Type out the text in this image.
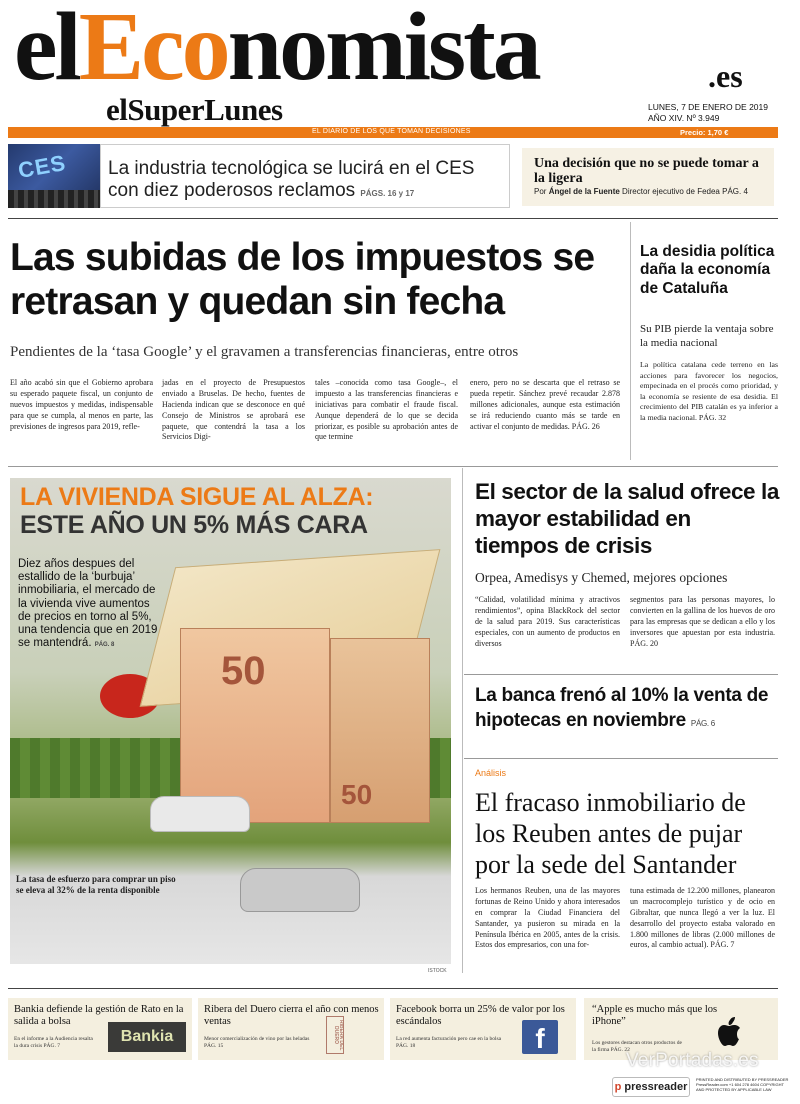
elEconomista	.es
elSuperLunes	LUNES, 7 DE ENERO DE 2019
AÑO XIV. Nº 3.949
EL DIARIO DE LOS QUE TOMAN DECISIONES	Precio: 1,70 €
CES La industria tecnológica se lucirá en el CES con diez poderosos reclamos PÁGS. 16 y 17
Una decisión que no se puede tomar a la ligera
Por Ángel de la Fuente Director ejecutivo de Fedea PÁG. 4
Las subidas de los impuestos se retrasan y quedan sin fecha
Pendientes de la ‘tasa Google’ y el gravamen a transferencias financieras, entre otros
El año acabó sin que el Gobierno aprobara su esperado paquete fiscal, un conjunto de nuevos impuestos y medidas, indispensable para que se cumpla, al menos en parte, las previsiones de ingresos para 2019, refle-
jadas en el proyecto de Presupuestos enviado a Bruselas. De hecho, fuentes de Hacienda indican que se desconoce en qué Consejo de Ministros se aprobará ese paquete, que contendrá la tasa a los Servicios Digi-
tales –conocida como tasa Google–, el impuesto a las transferencias financieras e iniciativas para combatir el fraude fiscal. Aunque dependerá de lo que se decida priorizar, es posible su aprobación antes de que termine
enero, pero no se descarta que el retraso se pueda repetir. Sánchez prevé recaudar 2.878 millones adicionales, aunque esta estimación se irá reduciendo cuanto más se tarde en activar el conjunto de medidas. PÁG. 26
La desidia política daña la economía de Cataluña
Su PIB pierde la ventaja sobre la media nacional
La política catalana cede terreno en las acciones para favorecer los negocios, empecinada en el procés como prioridad, y la economía se resiente de esa desidia. El crecimiento del PIB catalán es ya inferior a la media nacional. PÁG. 32
50
50
LA VIVIENDA SIGUE AL ALZA:
ESTE AÑO UN 5% MÁS CARA
Diez años despues del estallido de la ‘burbuja’ inmobiliaria, el mercado de la vivienda vive aumentos de precios en torno al 5%, una tendencia que en 2019 se mantendrá. PÁG. 8
La tasa de esfuerzo para comprar un piso se eleva al 32% de la renta disponible
ISTOCK
El sector de la salud ofrece la mayor estabilidad en tiempos de crisis
Orpea, Amedisys y Chemed, mejores opciones
“Calidad, volatilidad mínima y atractivos rendimientos”, opina BlackRock del sector de la salud para 2019. Sus características especiales, con un aumento de productos en diversos
segmentos para las personas mayores, lo convierten en la gallina de los huevos de oro para las empresas que se dedican a ello y los inversores que apuestan por esta industria. PÁG. 20
La banca frenó al 10% la venta de hipotecas en noviembre PÁG. 6
Análisis
El fracaso inmobiliario de los Reuben antes de pujar por la sede del Santander
Los hermanos Reuben, una de las mayores fortunas de Reino Unido y ahora interesados en comprar la Ciudad Financiera del Santander, ya pusieron su mirada en la Península Ibérica en 2005, antes de la crisis. Estos dos empresarios, con una for-
tuna estimada de 12.200 millones, planearon un macrocomplejo turístico y de ocio en Gibraltar, que nunca llegó a ver la luz. El desarrollo del proyecto estaba valorado en 1.800 millones de libras (2.000 millones de euros, al cambio actual). PÁG. 7
Bankia defiende la gestión de Rato en la salida a bolsa
En el informe a la Audiencia resalta la dura crisis PÁG. 7
Bankia
Ribera del Duero cierra el año con menos ventas
Menor comercialización de vino por las heladas PÁG. 15	RIBERA DEL DUERO
Facebook borra un 25% de valor por los escándalos
La red aumenta facturación pero cae en la bolsa PÁG. 18	f
“Apple es mucho más que los iPhone”
Los gestores destacan otros productos de la firma PÁG. 22
VerPortadas.es
p pressreader
PRINTED AND DISTRIBUTED BY PRESSREADER PressReader.com +1 604 278 4604 COPYRIGHT AND PROTECTED BY APPLICABLE LAW
